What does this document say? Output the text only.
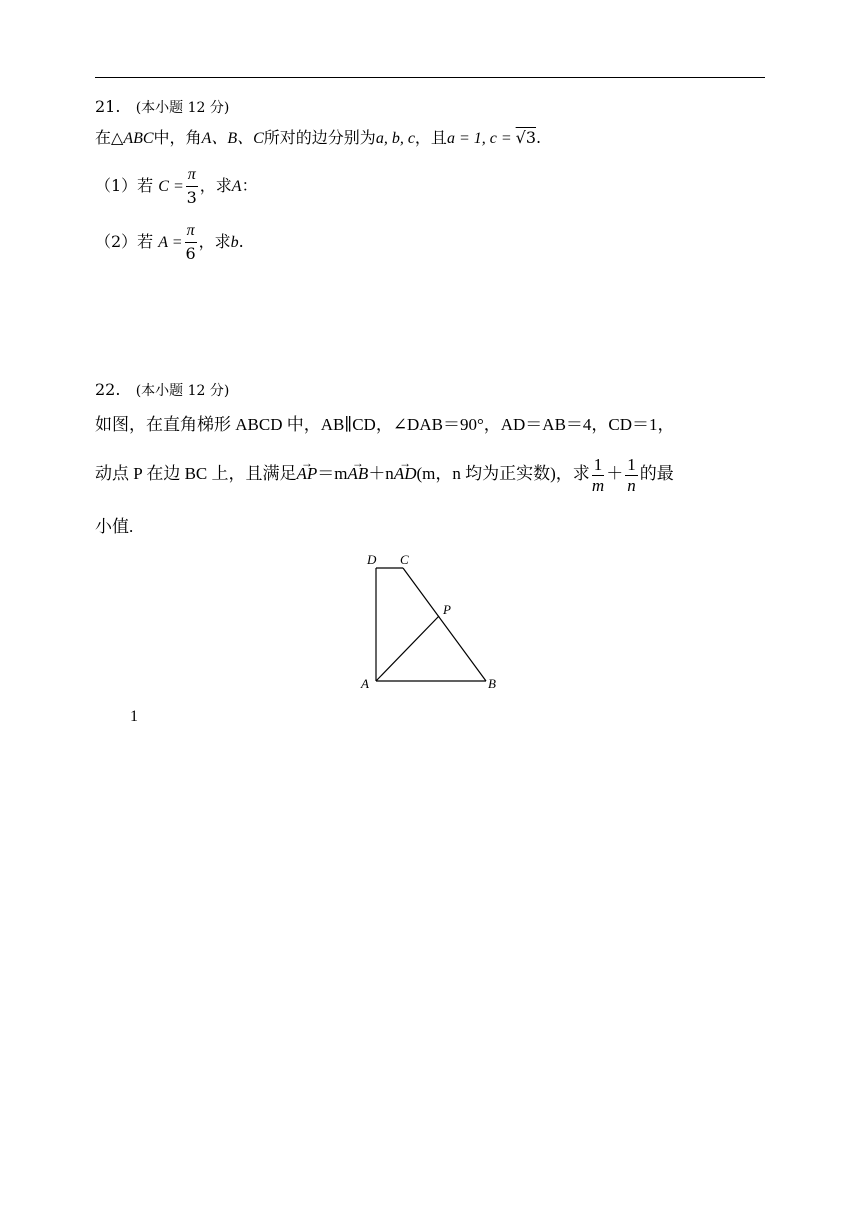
21. (本小题 12 分)
在△ABC中，角A、B、C所对的边分别为a, b, c，且a = 1, c = √3.
（1）若 $C = \frac{\pi}{3}$ ，求A：
（2）若 $A = \frac{\pi}{6}$ ，求b.
22. (本小题 12 分)
如图，在直角梯形 ABCD 中，AB∥CD，∠DAB＝90°，AD＝AB＝4，CD＝1，
动点 P 在边 BC 上，且满足→ AP＝m→ AB＋n→ AD(m，n 均为正实数)，求 $\frac{1}{m} + \frac{1}{n}$ 的最
小值.
D C
P
A	B
1
